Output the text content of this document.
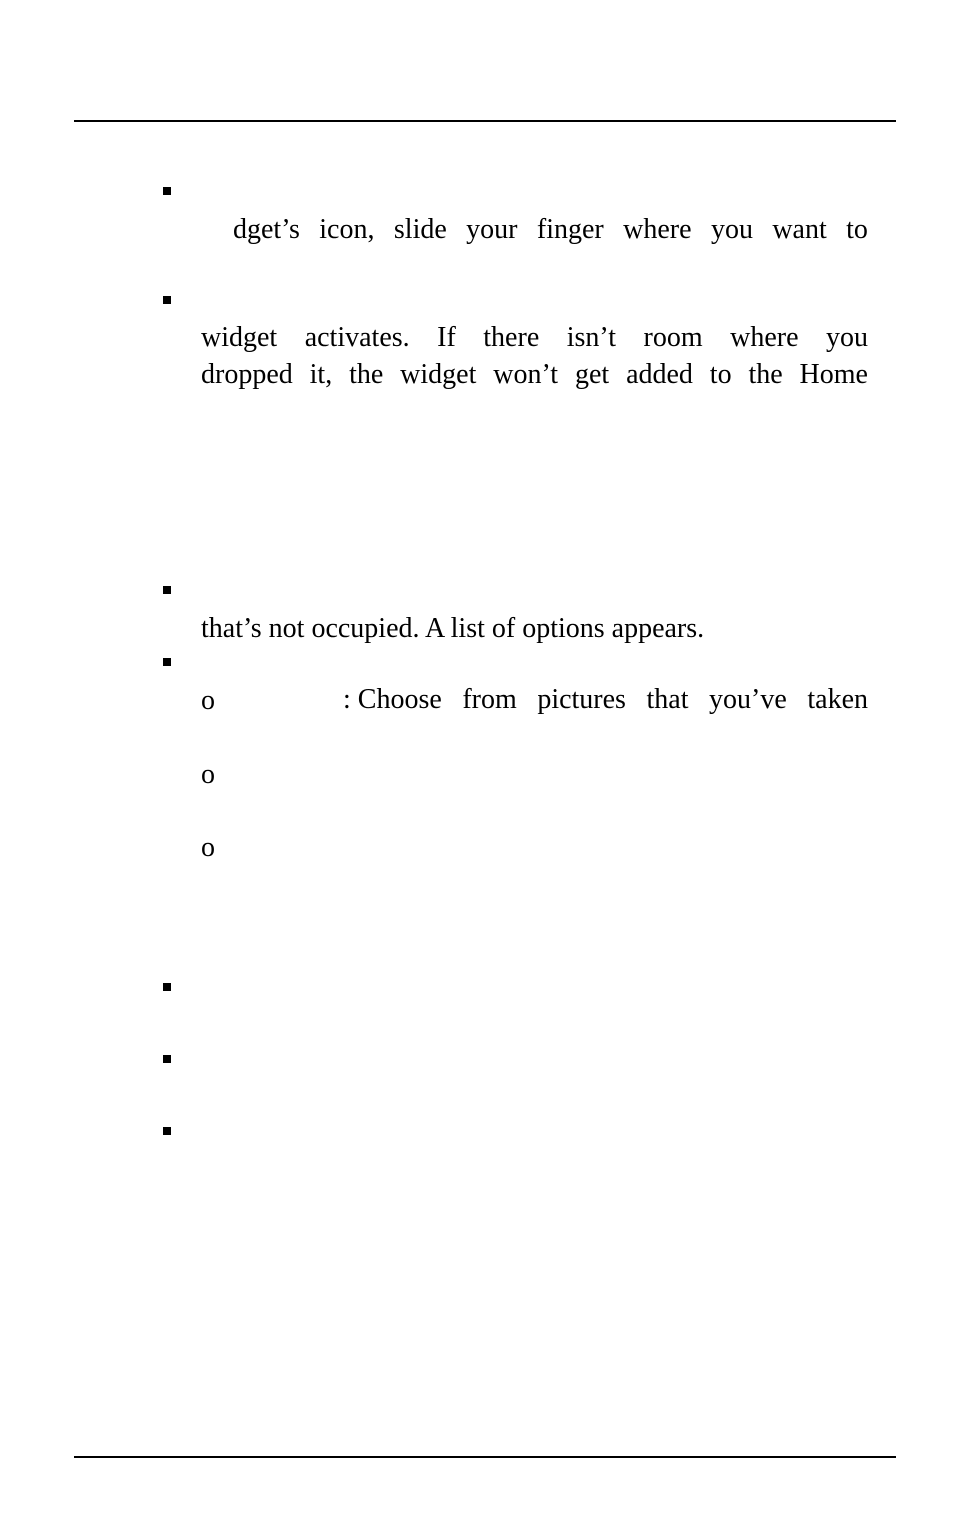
dget’s icon, slide your finger where you want to
widget activates. If there isn’t room where you
dropped it, the widget won’t get added to the Home
that’s not occupied. A list of options appears.
o	: Choose from pictures that you’ve taken
o
o
